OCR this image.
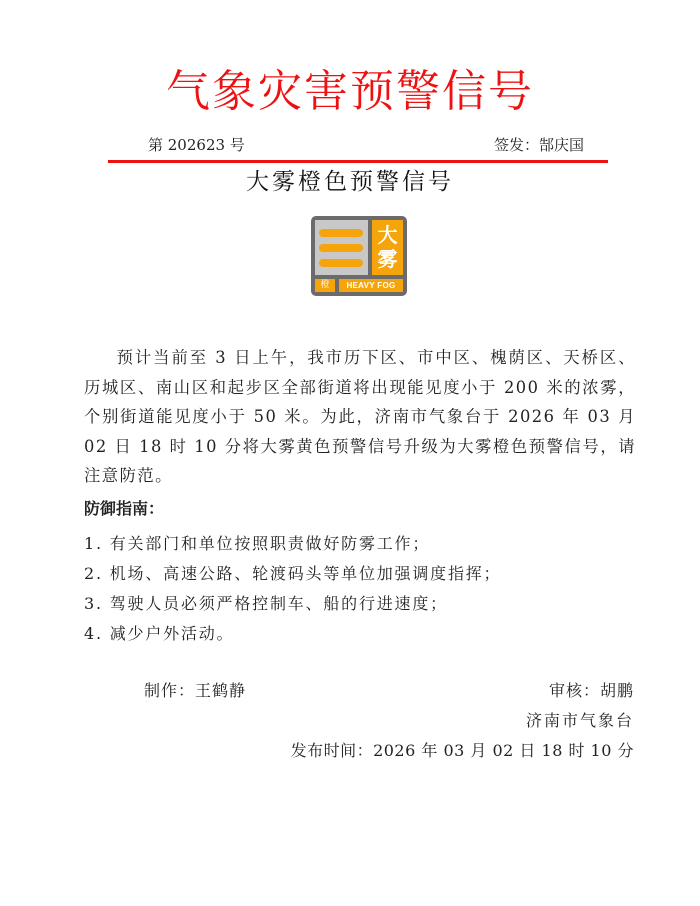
气象灾害预警信号
第 202623 号	签发：郜庆国
大雾橙色预警信号
大雾
橙	HEAVY FOG
预计当前至 3 日上午，我市历下区、市中区、槐荫区、天桥区、历城区、南山区和起步区全部街道将出现能见度小于 200 米的浓雾，个别街道能见度小于 50 米。为此，济南市气象台于 2026 年 03 月 02 日 18 时 10 分将大雾黄色预警信号升级为大雾橙色预警信号，请注意防范。
防御指南：
1. 有关部门和单位按照职责做好防雾工作；
2. 机场、高速公路、轮渡码头等单位加强调度指挥；
3. 驾驶人员必须严格控制车、船的行进速度；
4. 减少户外活动。
制作：王鹤静	审核：胡鹏
济南市气象台
发布时间：2026 年 03 月 02 日 18 时 10 分
